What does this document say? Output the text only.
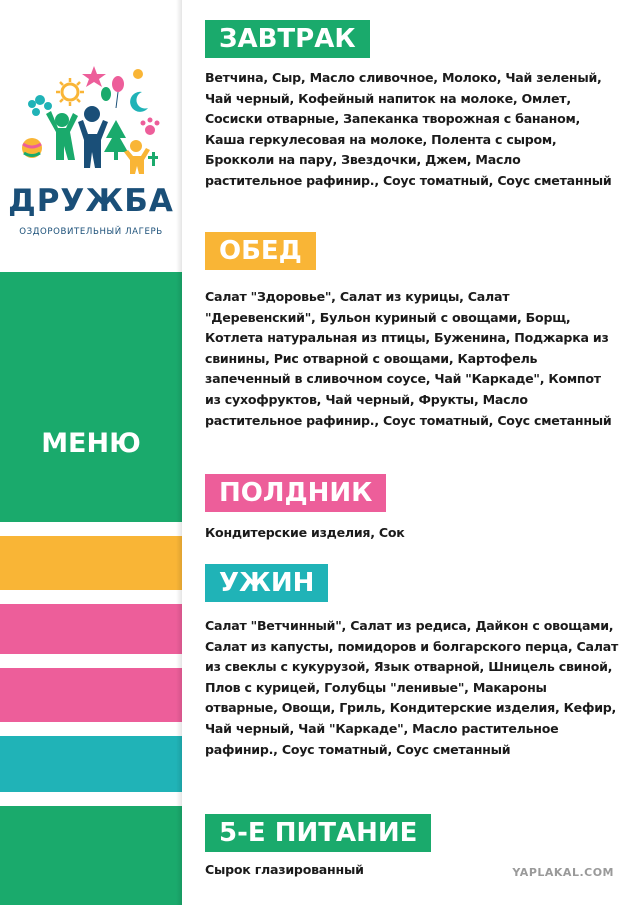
ДРУЖБА
ОЗДОРОВИТЕЛЬНЫЙ ЛАГЕРЬ
МЕНЮ
ЗАВТРАК

Ветчина, Сыр, Масло сливочное, Молоко, Чай зеленый, Чай черный, Кофейный напиток на молоке, Омлет, Сосиски отварные, Запеканка творожная с бананом, Каша геркулесовая на молоке, Полента с сыром, Брокколи на пару, Звездочки, Джем, Масло растительное рафинир., Соус томатный, Соус сметанный

ОБЕД

Салат "Здоровье", Салат из курицы, Салат "Деревенский", Бульон куриный с овощами, Борщ, Котлета натуральная из птицы, Буженина, Поджарка из свинины, Рис отварной с овощами, Картофель запеченный в сливочном соусе, Чай "Каркаде", Компот из сухофруктов, Чай черный, Фрукты, Масло растительное рафинир., Соус томатный, Соус сметанный

ПОЛДНИК

Кондитерские изделия, Сок

УЖИН

Салат "Ветчинный", Салат из редиса, Дайкон с овощами, Салат из капусты, помидоров и болгарского перца, Салат из свеклы с кукурузой, Язык отварной, Шницель свиной, Плов с курицей, Голубцы "ленивые", Макароны отварные, Овощи, Гриль, Кондитерские изделия, Кефир, Чай черный, Чай "Каркаде", Масло растительное рафинир., Соус томатный, Соус сметанный

5-Е ПИТАНИЕ

Сырок глазированный	YAPLAKAL.COM
